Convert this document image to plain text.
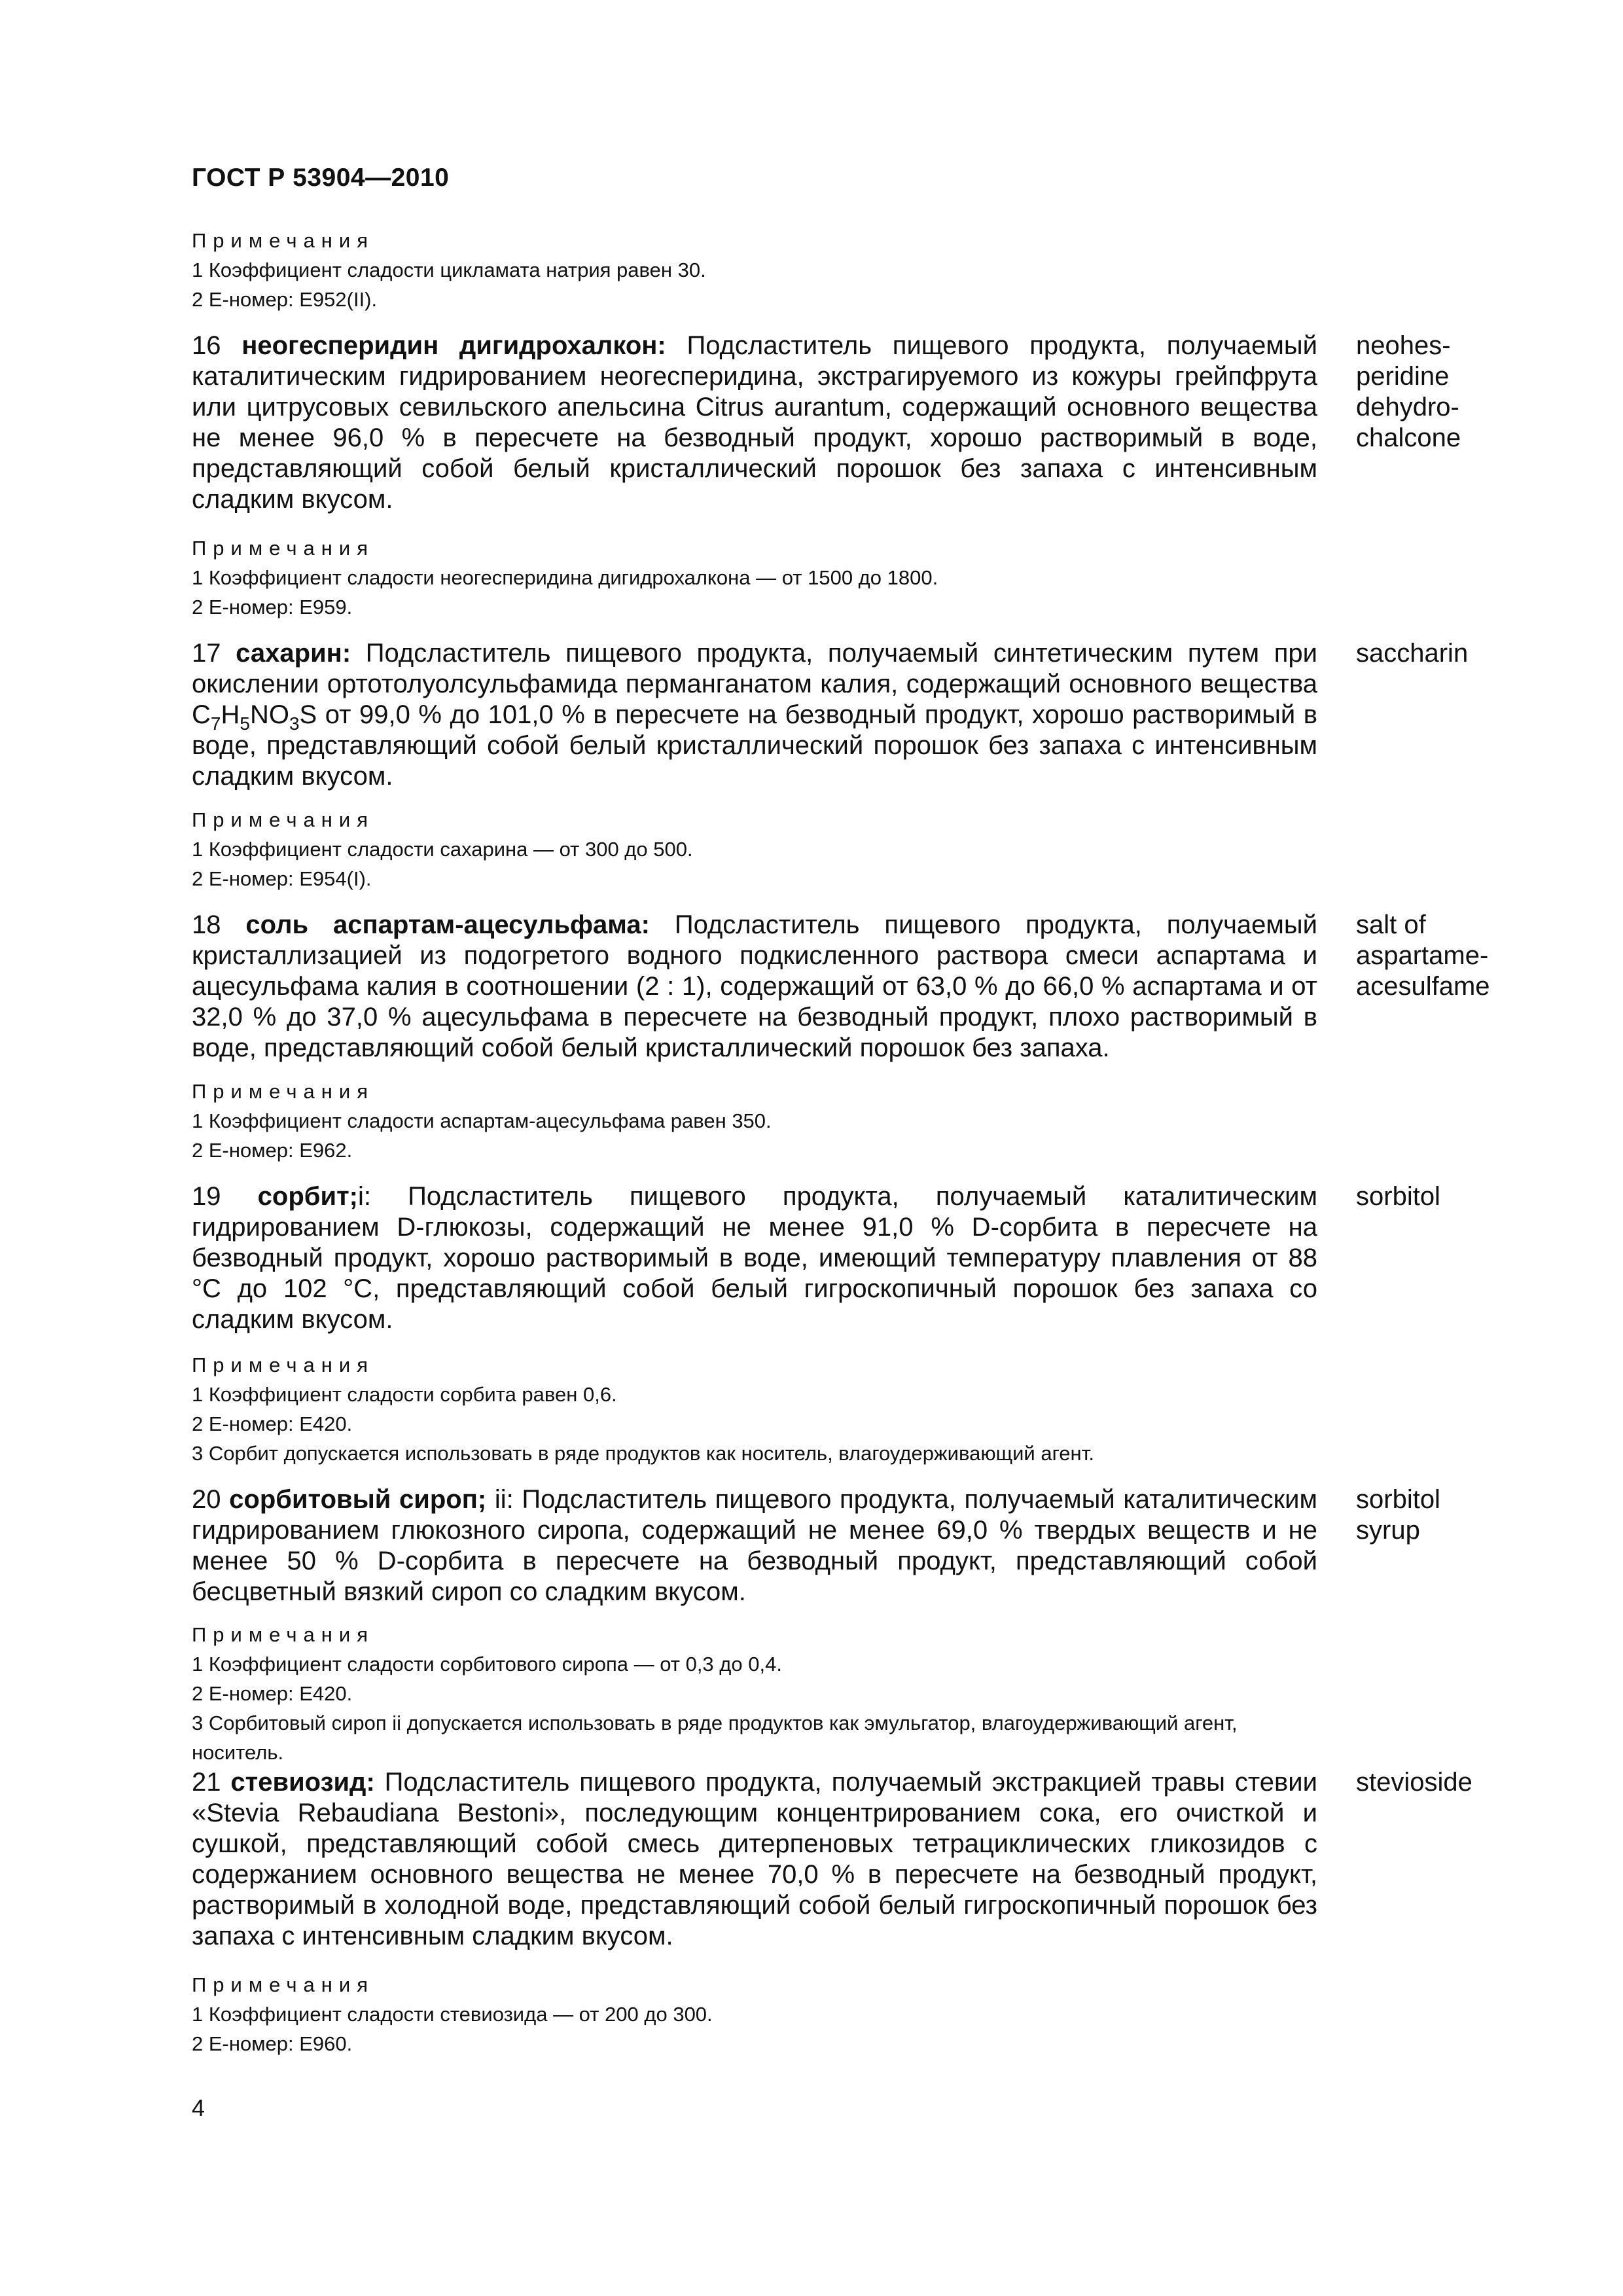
ГОСТ Р 53904—2010
Примечания
1 Коэффициент сладости цикламата натрия равен 30.
2 Е-номер: Е952(II).
16 неогесперидин дигидрохалкон: Подсластитель пищевого продукта, получаемый каталитическим гидрированием неогесперидина, экстрагируемого из кожуры грейпфрута или цитрусовых севильского апельсина Citrus aurantum, содержащий основного вещества не менее 96,0 % в пересчете на безводный продукт, хорошо растворимый в воде, представляющий собой белый кристаллический порошок без запаха с интенсивным сладким вкусом.
neohes-
peridine
dehydro-
chalcone
Примечания
1 Коэффициент сладости неогесперидина дигидрохалкона — от 1500 до 1800.
2 Е-номер: Е959.
17 сахарин: Подсластитель пищевого продукта, получаемый синтетическим путем при окислении ортотолуолсульфамида перманганатом калия, содержащий основного вещества $C_7H_5NO_3S$ от 99,0 % до 101,0 % в пересчете на безводный продукт, хорошо растворимый в воде, представляющий собой белый кристаллический порошок без запаха с интенсивным сладким вкусом.
saccharin
Примечания
1 Коэффициент сладости сахарина — от 300 до 500.
2 Е-номер: Е954(I).
18 соль аспартам-ацесульфама: Подсластитель пищевого продукта, получаемый кристаллизацией из подогретого водного подкисленного раствора смеси аспартама и ацесульфама калия в соотношении (2 : 1), содержащий от 63,0 % до 66,0 % аспартама и от 32,0 % до 37,0 % ацесульфама в пересчете на безводный продукт, плохо растворимый в воде, представляющий собой белый кристаллический порошок без запаха.
salt of
aspartame-
acesulfame
Примечания
1 Коэффициент сладости аспартам-ацесульфама равен 350.
2 Е-номер: Е962.
19 сорбит;i: Подсластитель пищевого продукта, получаемый каталитическим гидрированием D-глюкозы, содержащий не менее 91,0 % D-сорбита в пересчете на безводный продукт, хорошо растворимый в воде, имеющий температуру плавления от 88 °C до 102 °C, представляющий собой белый гигроскопичный порошок без запаха со сладким вкусом.
sorbitol
Примечания
1 Коэффициент сладости сорбита равен 0,6.
2 Е-номер: Е420.
3 Сорбит допускается использовать в ряде продуктов как носитель, влагоудерживающий агент.
20 сорбитовый сироп; ii: Подсластитель пищевого продукта, получаемый каталитическим гидрированием глюкозного сиропа, содержащий не менее 69,0 % твердых веществ и не менее 50 % D-сорбита в пересчете на безводный продукт, представляющий собой бесцветный вязкий сироп со сладким вкусом.
sorbitol
syrup
Примечания
1 Коэффициент сладости сорбитового сиропа — от 0,3 до 0,4.
2 Е-номер: Е420.
3 Сорбитовый сироп ii допускается использовать в ряде продуктов как эмульгатор, влагоудерживающий агент, носитель.
21 стевиозид: Подсластитель пищевого продукта, получаемый экстракцией травы стевии «Stevia Rebaudiana Bestoni», последующим концентрированием сока, его очисткой и сушкой, представляющий собой смесь дитерпеновых тетрациклических гликозидов с содержанием основного вещества не менее 70,0 % в пересчете на безводный продукт, растворимый в холодной воде, представляющий собой белый гигроскопичный порошок без запаха с интенсивным сладким вкусом.
stevioside
Примечания
1 Коэффициент сладости стевиозида — от 200 до 300.
2 Е-номер: Е960.
4
